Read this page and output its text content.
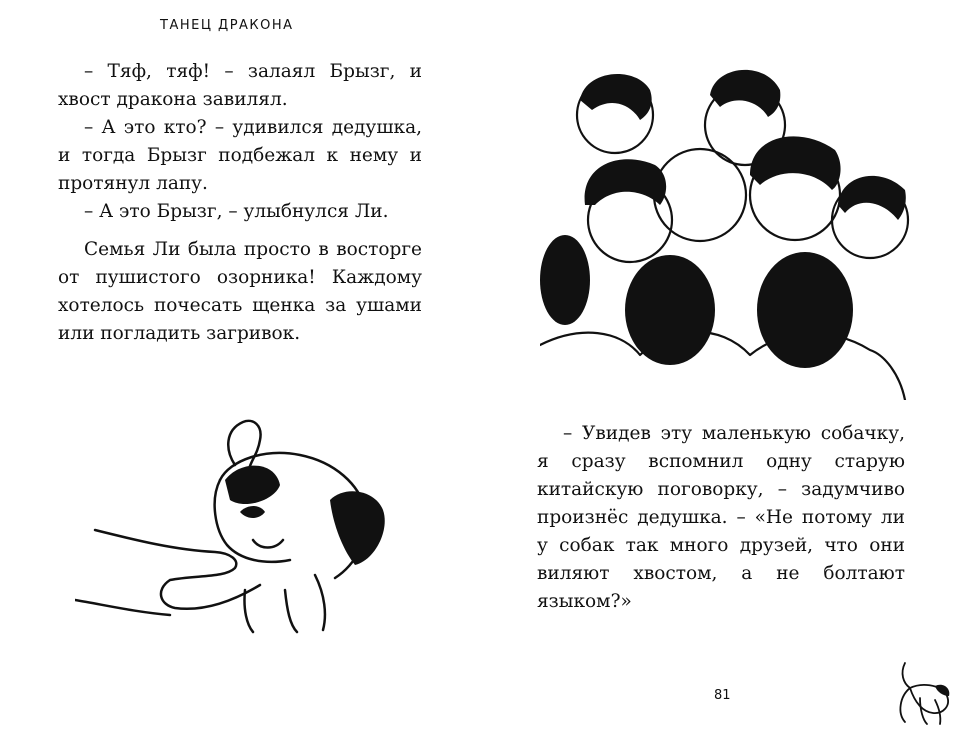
ТАНЕЦ ДРАКОНА

– Тяф, тяф! – залаял Брызг, и хвост дракона завилял.

– А это кто? – удивился дедушка, и тогда Брызг подбежал к нему и протянул лапу.

– А это Брызг, – улыбнулся Ли.

Семья Ли была просто в восторге от пушистого озорника! Каждому хотелось почесать щенка за ушами или погладить загривок.

– Увидев эту маленькую собачку, я сразу вспомнил одну старую китайскую поговорку, – задумчиво произнёс дедушка. – «Не потому ли у собак так много друзей, что они виляют хвостом, а не болтают языком?»

81
